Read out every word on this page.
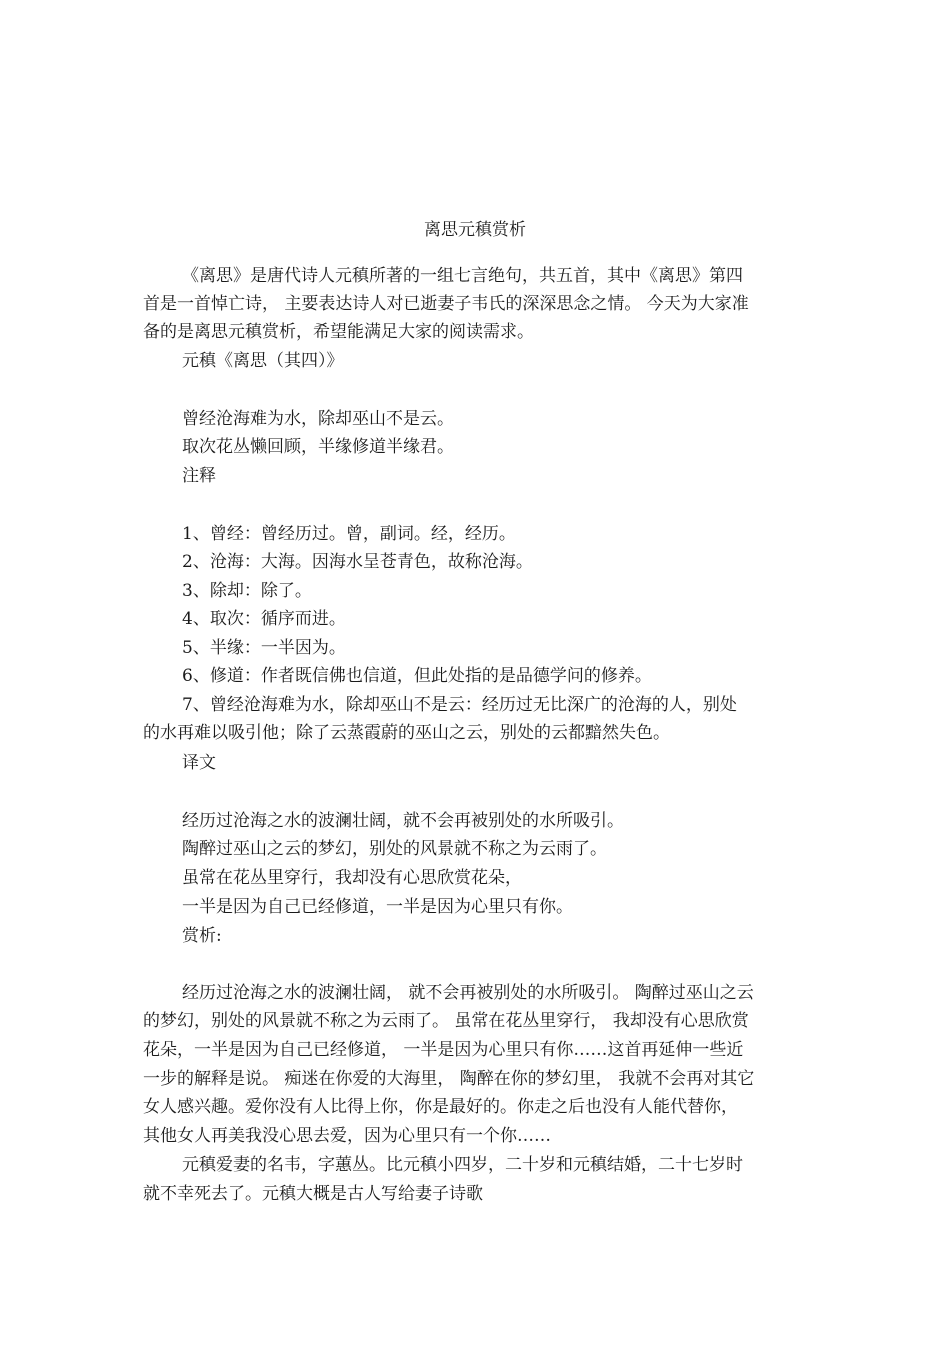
离思元稹赏析
《离思》是唐代诗人元稹所著的一组七言绝句，共五首，其中《离思》第四
首是一首悼亡诗， 主要表达诗人对已逝妻子韦氏的深深思念之情。 今天为大家准
备的是离思元稹赏析，希望能满足大家的阅读需求。
元稹《离思（其四）》
曾经沧海难为水，除却巫山不是云。
取次花丛懒回顾，半缘修道半缘君。
注释
1、曾经：曾经历过。曾，副词。经，经历。
2、沧海：大海。因海水呈苍青色，故称沧海。
3、除却：除了。
4、取次：循序而进。
5、半缘：一半因为。
6、修道：作者既信佛也信道，但此处指的是品德学问的修养。
7、曾经沧海难为水，除却巫山不是云：经历过无比深广的沧海的人，别处
的水再难以吸引他；除了云蒸霞蔚的巫山之云，别处的云都黯然失色。
译文
经历过沧海之水的波澜壮阔，就不会再被别处的水所吸引。
陶醉过巫山之云的梦幻，别处的风景就不称之为云雨了。
虽常在花丛里穿行，我却没有心思欣赏花朵，
一半是因为自己已经修道，一半是因为心里只有你。
赏析:
经历过沧海之水的波澜壮阔， 就不会再被别处的水所吸引。 陶醉过巫山之云
的梦幻，别处的风景就不称之为云雨了。 虽常在花丛里穿行， 我却没有心思欣赏
花朵，一半是因为自己已经修道， 一半是因为心里只有你……这首再延伸一些近
一步的解释是说。 痴迷在你爱的大海里， 陶醉在你的梦幻里， 我就不会再对其它
女人感兴趣。爱你没有人比得上你，你是最好的。你走之后也没有人能代替你，
其他女人再美我没心思去爱，因为心里只有一个你……
元稹爱妻的名韦，字蕙丛。比元稹小四岁，二十岁和元稹结婚，二十七岁时
就不幸死去了。元稹大概是古人写给妻子诗歌
